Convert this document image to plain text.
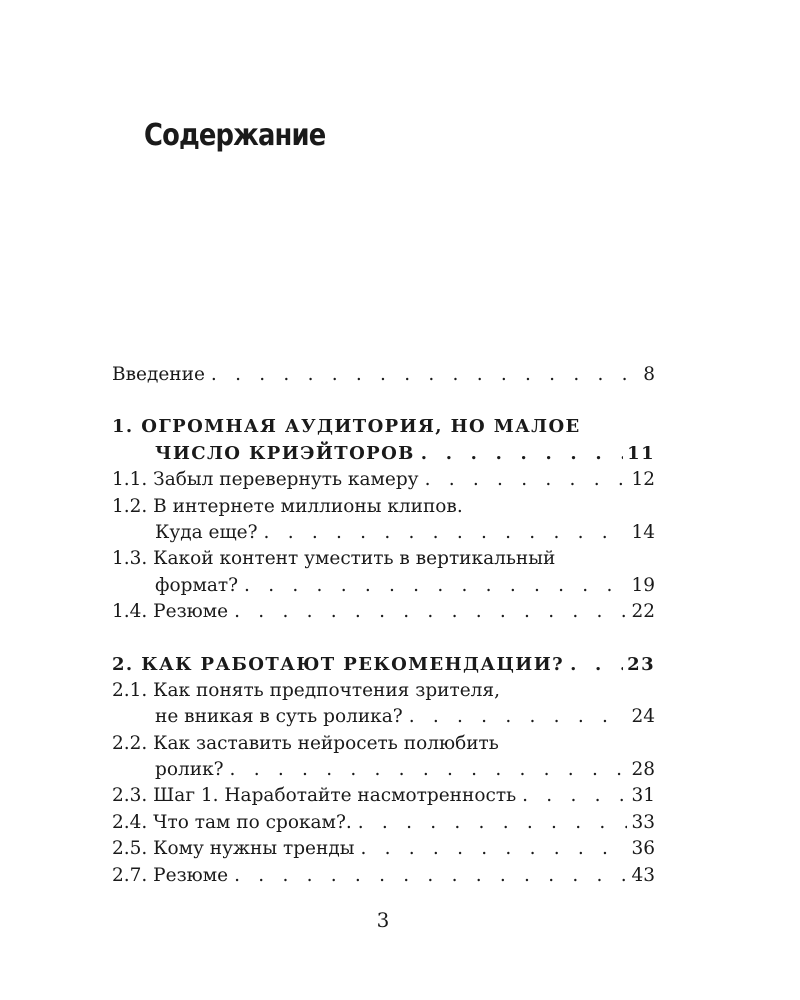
Содержание
Введение . . .	8
1. ОГРОМНАЯ АУДИТОРИЯ, НО МАЛОЕ
ЧИСЛО КРИЭЙТОРОВ . . .	11
1.1. Забыл перевернуть камеру . . .	12
1.2. В интернете миллионы клипов.
Куда еще? . . .	14
1.3. Какой контент уместить в вертикальный
формат? . . .	19
1.4. Резюме . . .	22
2. КАК РАБОТАЮТ РЕКОМЕНДАЦИИ? . . .	23
2.1. Как понять предпочтения зрителя,
не вникая в суть ролика? . . .	24
2.2. Как заставить нейросеть полюбить
ролик? . . .	28
2.3. Шаг 1. Наработайте насмотренность . . .	31
2.4. Что там по срокам?. . . .	33
2.5. Кому нужны тренды . . .	36
2.7. Резюме . . .	43
3
